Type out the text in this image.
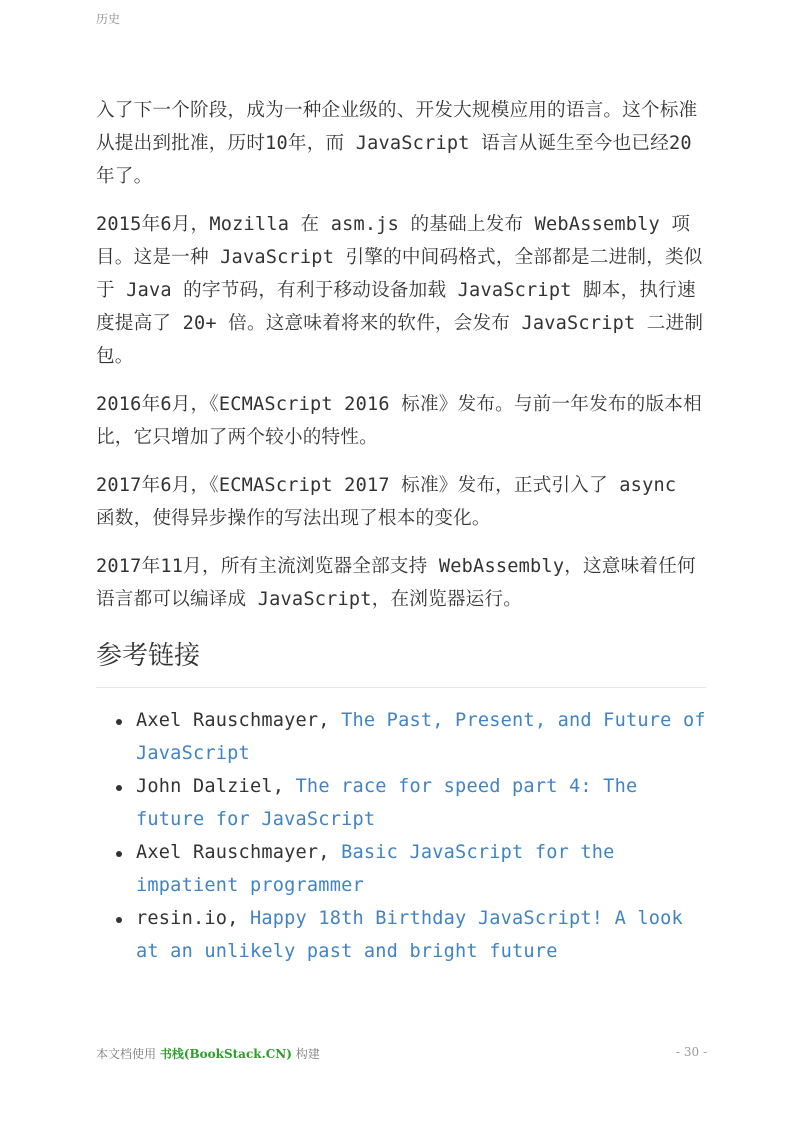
历史

入了下一个阶段，成为一种企业级的、开发大规模应用的语言。这个标准从提出到批准，历时10年，而 JavaScript 语言从诞生至今也已经20年了。

2015年6月，Mozilla 在 asm.js 的基础上发布 WebAssembly 项目。这是一种 JavaScript 引擎的中间码格式，全部都是二进制，类似于 Java 的字节码，有利于移动设备加载 JavaScript 脚本，执行速度提高了 20+ 倍。这意味着将来的软件，会发布 JavaScript 二进制包。

2016年6月，《ECMAScript 2016 标准》发布。与前一年发布的版本相比，它只增加了两个较小的特性。

2017年6月，《ECMAScript 2017 标准》发布，正式引入了 async 函数，使得异步操作的写法出现了根本的变化。

2017年11月，所有主流浏览器全部支持 WebAssembly，这意味着任何语言都可以编译成 JavaScript，在浏览器运行。

参考链接
Axel Rauschmayer, The Past, Present, and Future of JavaScript
John Dalziel, The race for speed part 4: The future for JavaScript
Axel Rauschmayer, Basic JavaScript for the impatient programmer
resin.io, Happy 18th Birthday JavaScript! A look at an unlikely past and bright future
本文档使用 书栈(BookStack.CN) 构建	- 30 -
